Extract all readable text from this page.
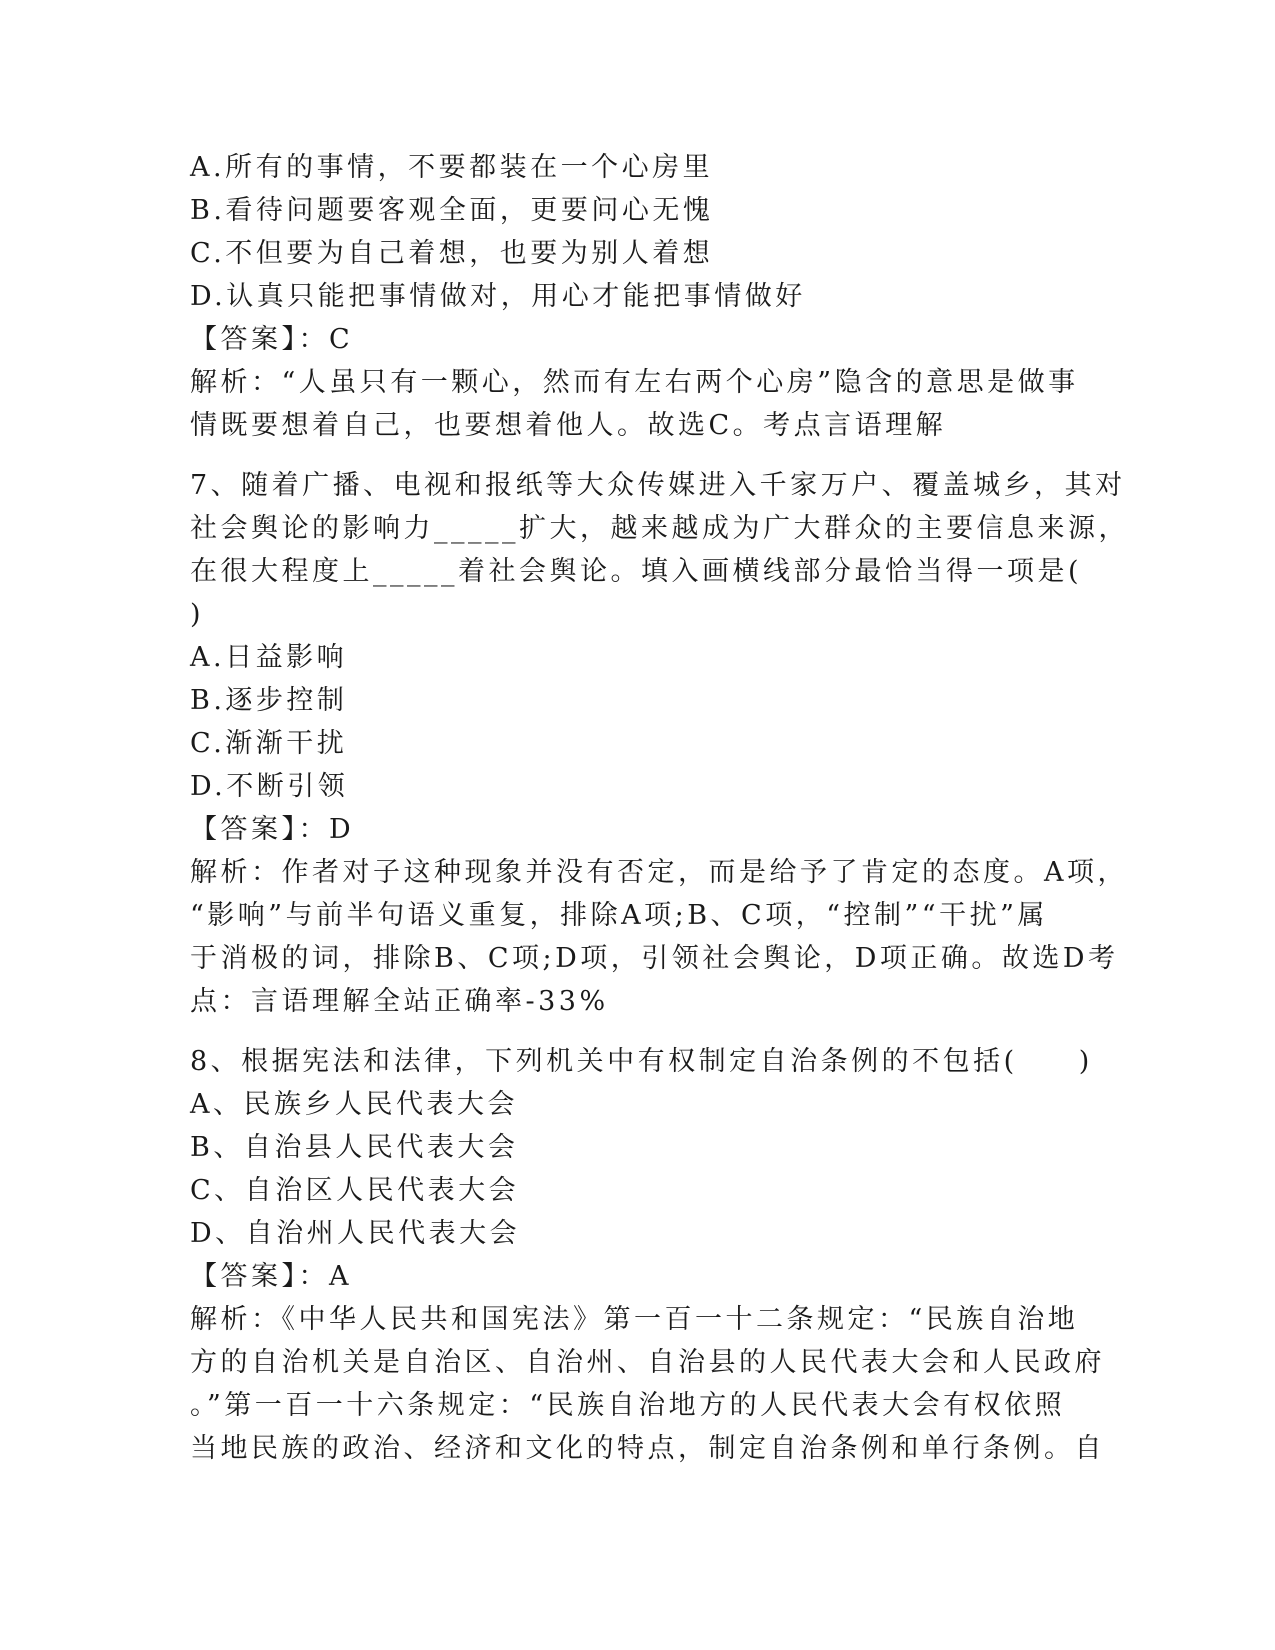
A.所有的事情，不要都装在一个心房里
B.看待问题要客观全面，更要问心无愧
C.不但要为自己着想，也要为别人着想
D.认真只能把事情做对，用心才能把事情做好
【答案】：C
解析：“人虽只有一颗心，然而有左右两个心房”隐含的意思是做事
情既要想着自己，也要想着他人。故选C。考点言语理解
7、随着广播、电视和报纸等大众传媒进入千家万户、覆盖城乡，其对
社会舆论的影响力_____扩大，越来越成为广大群众的主要信息来源，
在很大程度上_____着社会舆论。填入画横线部分最恰当得一项是(
)
A.日益影响
B.逐步控制
C.渐渐干扰
D.不断引领
【答案】：D
解析：作者对子这种现象并没有否定，而是给予了肯定的态度。A项，
“影响”与前半句语义重复，排除A项;B、C项，“控制”“干扰”属
于消极的词，排除B、C项;D项，引领社会舆论，D项正确。故选D考
点：言语理解全站正确率-33%
8、根据宪法和法律，下列机关中有权制定自治条例的不包括(　　)
A、民族乡人民代表大会
B、自治县人民代表大会
C、自治区人民代表大会
D、自治州人民代表大会
【答案】：A
解析：《中华人民共和国宪法》第一百一十二条规定：“民族自治地
方的自治机关是自治区、自治州、自治县的人民代表大会和人民政府
。”第一百一十六条规定：“民族自治地方的人民代表大会有权依照
当地民族的政治、经济和文化的特点，制定自治条例和单行条例。自
